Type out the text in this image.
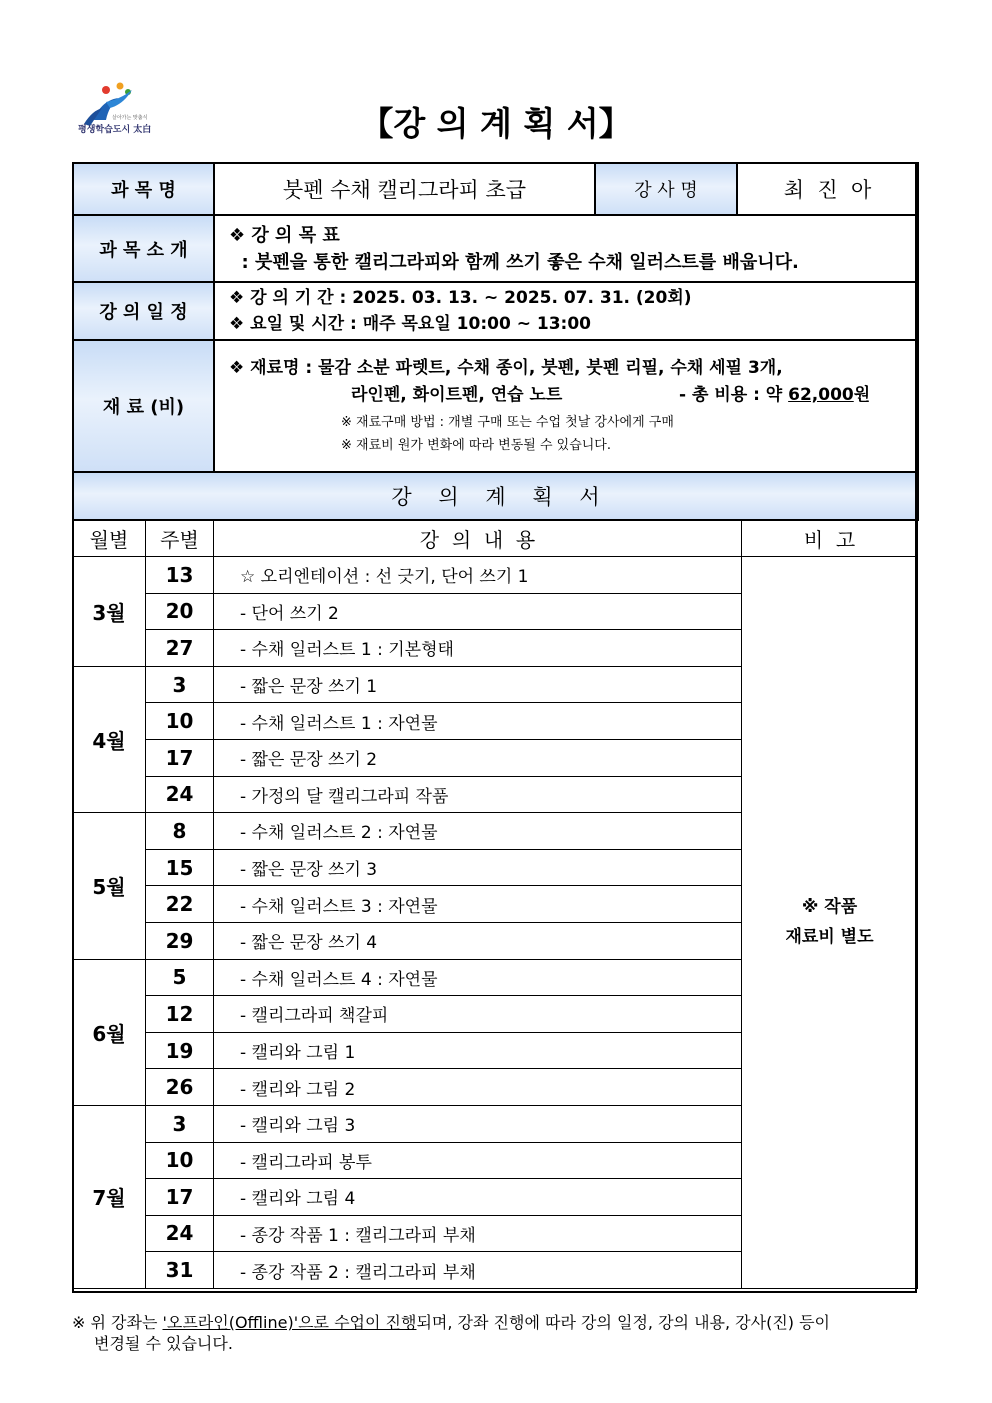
살아가는 맞춤식
평생학습도시 太白	【강 의 계 획 서】
과 목 명	붓펜 수채 캘리그라피 초급	강 사 명	최  진  아
과 목 소 개	❖ 강 의 목 표
: 붓펜을 통한 캘리그라피와 함께 쓰기 좋은 수채 일러스트를 배웁니다.		

강 의 일 정	❖ 강 의 기 간 : 2025. 03. 13. ~ 2025. 07. 31. (20회)
❖ 요일 및 시간 : 매주 목요일 10:00 ~ 13:00		

재 료 (비)	❖ 재료명 : 물감 소분 파렛트, 수채 종이, 붓펜, 붓펜 리필, 수채 세필 3개,
라인펜, 화이트펜, 연습 노트 - 총 비용 : 약 62,000원
※ 재료구매 방법 : 개별 구매 또는 수업 첫날 강사에게 구매
※ 재료비 원가 변화에 따라 변동될 수 있습니다.		

강    의    계    획    서			
월별	주별	강  의  내  용	비  고
3월	13	☆ 오리엔테이션 : 선 긋기, 단어 쓰기 1	※ 작품
재료비 별도

	20	- 단어 쓰기 2	
	27	- 수채 일러스트 1 : 기본형태	
4월	3	- 짧은 문장 쓰기 1	
	10	- 수채 일러스트 1 : 자연물	
	17	- 짧은 문장 쓰기 2	
	24	- 가정의 달 캘리그라피 작품	
5월	8	- 수채 일러스트 2 : 자연물	
	15	- 짧은 문장 쓰기 3	
	22	- 수채 일러스트 3 : 자연물	
	29	- 짧은 문장 쓰기 4	
6월	5	- 수채 일러스트 4 : 자연물	
	12	- 캘리그라피 책갈피	
	19	- 캘리와 그림 1	
	26	- 캘리와 그림 2	
7월	3	- 캘리와 그림 3	
	10	- 캘리그라피 봉투	
	17	- 캘리와 그림 4	
	24	- 종강 작품 1 : 캘리그라피 부채	
	31	- 종강 작품 2 : 캘리그라피 부채	
※ 위 강좌는 '오프라인(Offline)'으로 수업이 진행되며, 강좌 진행에 따라 강의 일정, 강의 내용, 강사(진) 등이
변경될 수 있습니다.
